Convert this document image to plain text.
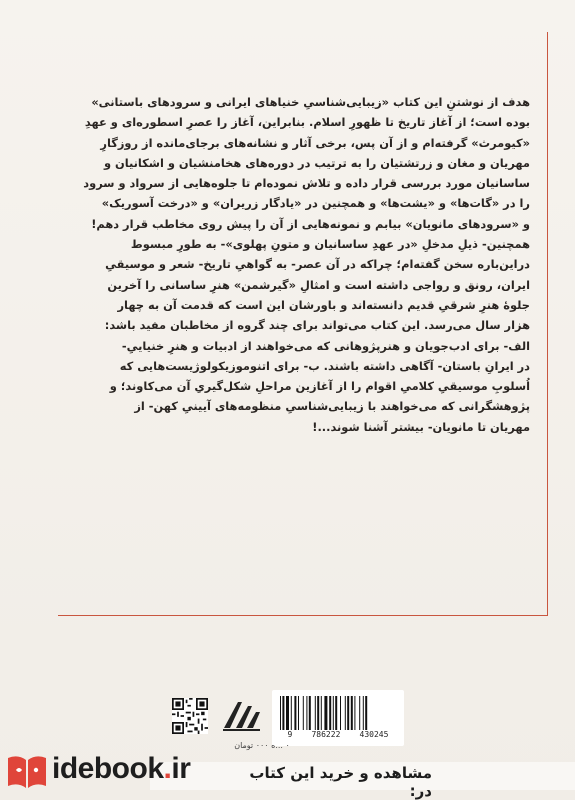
هدف از نوشتنِ این کتاب «زیبایی‌شناسیِ خنیاهای ایرانی و سرودهای باستانی»
بوده است؛ از آغاز تاریخ تا ظهورِ اسلام. بنابراین، آغاز را عصرِ اسطوره‌ای و عهدِ
«کیومرث» گرفته‌ام و از آن پس، برخی آثار و نشانه‌های برجای‌مانده از روزگارِ
مهریان و مغان و زرتشتیان را به ترتیب در دوره‌های هخامنشیان و اشکانیان و
ساسانیان مورد بررسی قرار داده و تلاش نموده‌ام تا جلوه‌هایی از سرواد و سرود
را در «گات‌ها» و «یشت‌ها» و همچنین در «یادگار زریران» و «درخت آسوریک»
و «سرودهای مانویان» بیابم و نمونه‌هایی از آن را پیش روی مخاطب قرار دهم!
همچنین- ذیلِ مدخلِ «در عهدِ ساسانیان و متونِ پهلوی»- به طورِ مبسوط
دراین‌باره سخن گفته‌ام؛ چراکه در آن عصر- به گواهیِ تاریخ- شعر و موسیقیِ
ایران، رونق و رواجی داشته است و امثالِ «گیرشمن» هنرِ ساسانی را آخرین
جلوهٔ هنرِ شرقیِ قدیم دانسته‌اند و باورشان این است که قدمت آن به چهار
هزار سال می‌رسد. این کتاب می‌تواند برای چند گروه از مخاطبان مفید باشد:
الف- برای ادب‌جویان و هنرپژوهانی که می‌خواهند از ادبیات و هنرِ خنیاییِ-
در ایرانِ باستان- آگاهی داشته باشند. ب- برای اتنوموزیکولوژیست‌هایی که
اُسلوبِ موسیقیِ کلامیِ اقوام را از آغازین مراحلِ شکل‌گیریِ آن می‌کاوند؛ و
پژوهشگرانی که می‌خواهند با زیبایی‌شناسیِ منظومه‌های آیینیِ کهن- از
مهریان تا مانویان- بیشتر آشنا شوند...!
9 786222 430245
۰ ...ه ۰۰۰ تومان
idebook.ir	مشاهده و خرید این کتاب در:
